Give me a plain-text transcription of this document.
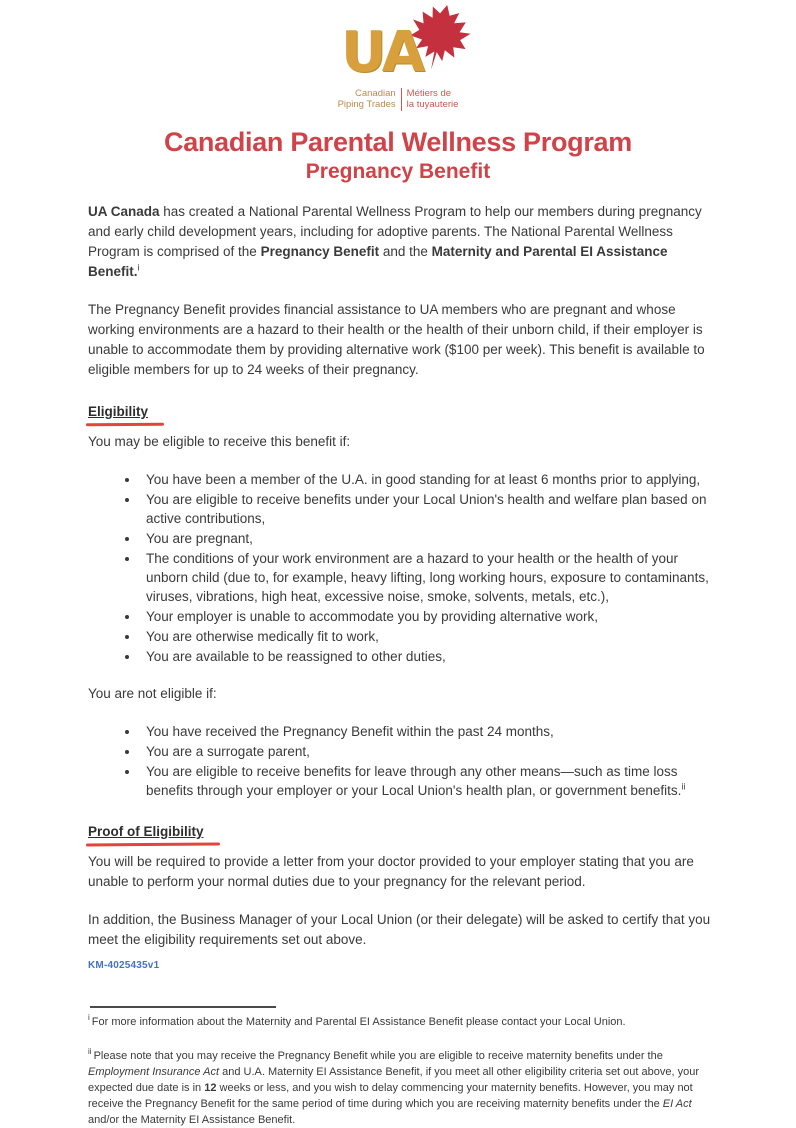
UA
Canadian
Piping Trades
Métiers de
la tuyauterie
Canadian Parental Wellness Program
Pregnancy Benefit

UA Canada has created a National Parental Wellness Program to help our members during pregnancy and early child development years, including for adoptive parents. The National Parental Wellness Program is comprised of the Pregnancy Benefit and the Maternity and Parental EI Assistance Benefit.$^i$

The Pregnancy Benefit provides financial assistance to UA members who are pregnant and whose working environments are a hazard to their health or the health of their unborn child, if their employer is unable to accommodate them by providing alternative work ($100 per week). This benefit is available to eligible members for up to 24 weeks of their pregnancy.

Eligibility

You may be eligible to receive this benefit if:

• You have been a member of the U.A. in good standing for at least 6 months prior to applying,
• You are eligible to receive benefits under your Local Union's health and welfare plan based on active contributions,
• You are pregnant,
• The conditions of your work environment are a hazard to your health or the health of your unborn child (due to, for example, heavy lifting, long working hours, exposure to contaminants, viruses, vibrations, high heat, excessive noise, smoke, solvents, metals, etc.),
• Your employer is unable to accommodate you by providing alternative work,
• You are otherwise medically fit to work,
• You are available to be reassigned to other duties,

You are not eligible if:

• You have received the Pregnancy Benefit within the past 24 months,
• You are a surrogate parent,
• You are eligible to receive benefits for leave through any other means—such as time loss benefits through your employer or your Local Union's health plan, or government benefits.$^{ii}$
Proof of Eligibility

You will be required to provide a letter from your doctor provided to your employer stating that you are unable to perform your normal duties due to your pregnancy for the relevant period.

In addition, the Business Manager of your Local Union (or their delegate) will be asked to certify that you meet the eligibility requirements set out above.

KM-4025435v1

$^i$ For more information about the Maternity and Parental EI Assistance Benefit please contact your Local Union.

$^{ii}$ Please note that you may receive the Pregnancy Benefit while you are eligible to receive maternity benefits under the Employment Insurance Act and U.A. Maternity EI Assistance Benefit, if you meet all other eligibility criteria set out above, your expected due date is in 12 weeks or less, and you wish to delay commencing your maternity benefits. However, you may not receive the Pregnancy Benefit for the same period of time during which you are receiving maternity benefits under the EI Act and/or the Maternity EI Assistance Benefit.
